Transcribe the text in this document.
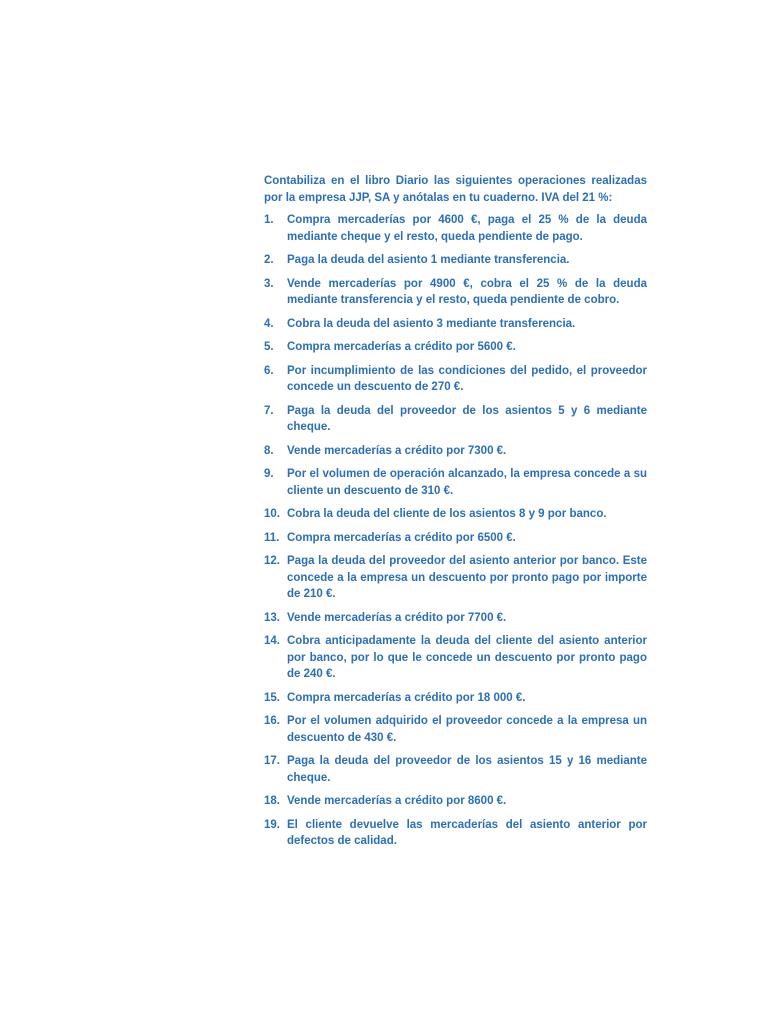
Contabiliza en el libro Diario las siguientes operaciones realizadas por la empresa JJP, SA y anótalas en tu cuaderno. IVA del 21 %:

1.	Compra mercaderías por 4600 €, paga el 25 % de la deuda mediante cheque y el resto, queda pendiente de pago.
2.	Paga la deuda del asiento 1 mediante transferencia.
3.	Vende mercaderías por 4900 €, cobra el 25 % de la deuda mediante transferencia y el resto, queda pendiente de cobro.
4.	Cobra la deuda del asiento 3 mediante transferencia.
5.	Compra mercaderías a crédito por 5600 €.
6.	Por incumplimiento de las condiciones del pedido, el proveedor concede un descuento de 270 €.
7.	Paga la deuda del proveedor de los asientos 5 y 6 mediante cheque.
8.	Vende mercaderías a crédito por 7300 €.
9.	Por el volumen de operación alcanzado, la empresa concede a su cliente un descuento de 310 €.
10. Cobra la deuda del cliente de los asientos 8 y 9 por banco.
11. Compra mercaderías a crédito por 6500 €.
12. Paga la deuda del proveedor del asiento anterior por banco. Este concede a la empresa un descuento por pronto pago por importe de 210 €.
13. Vende mercaderías a crédito por 7700 €.
14. Cobra anticipadamente la deuda del cliente del asiento anterior por banco, por lo que le concede un descuento por pronto pago de 240 €.
15. Compra mercaderías a crédito por 18 000 €.
16. Por el volumen adquirido el proveedor concede a la empresa un descuento de 430 €.
17. Paga la deuda del proveedor de los asientos 15 y 16 mediante cheque.
18. Vende mercaderías a crédito por 8600 €.
19. El cliente devuelve las mercaderías del asiento anterior por defectos de calidad.
